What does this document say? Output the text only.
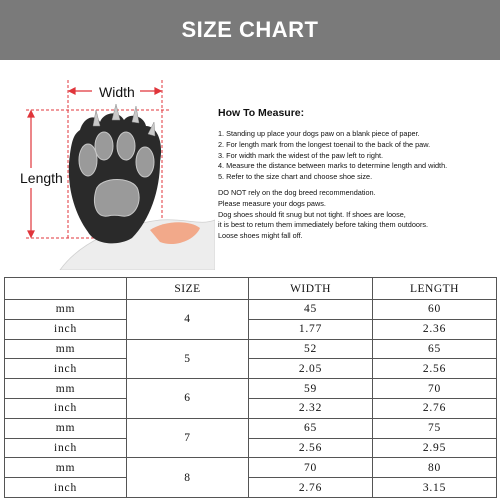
SIZE CHART
Width
Length
How To Measure:
1. Standing up place your dogs paw on a blank piece of paper.
2. For length mark from the longest toenail to the back of the paw.
3. For width mark the widest of the paw left to right.
4. Measure the distance between marks to determine length and width.
5. Refer to the size chart and choose shoe size.
DO NOT rely on the dog breed recommendation.
Please measure your dogs paws.
Dog shoes should fit snug but not tight. If shoes are loose,
it is best to return them immediately before taking them outdoors.
Loose shoes might fall off.
	SIZE	WIDTH	LENGTH
mm	4	45	60
inch		1.77	2.36
mm	5	52	65
inch		2.05	2.56
mm	6	59	70
inch		2.32	2.76
mm	7	65	75
inch		2.56	2.95
mm	8	70	80
inch		2.76	3.15
